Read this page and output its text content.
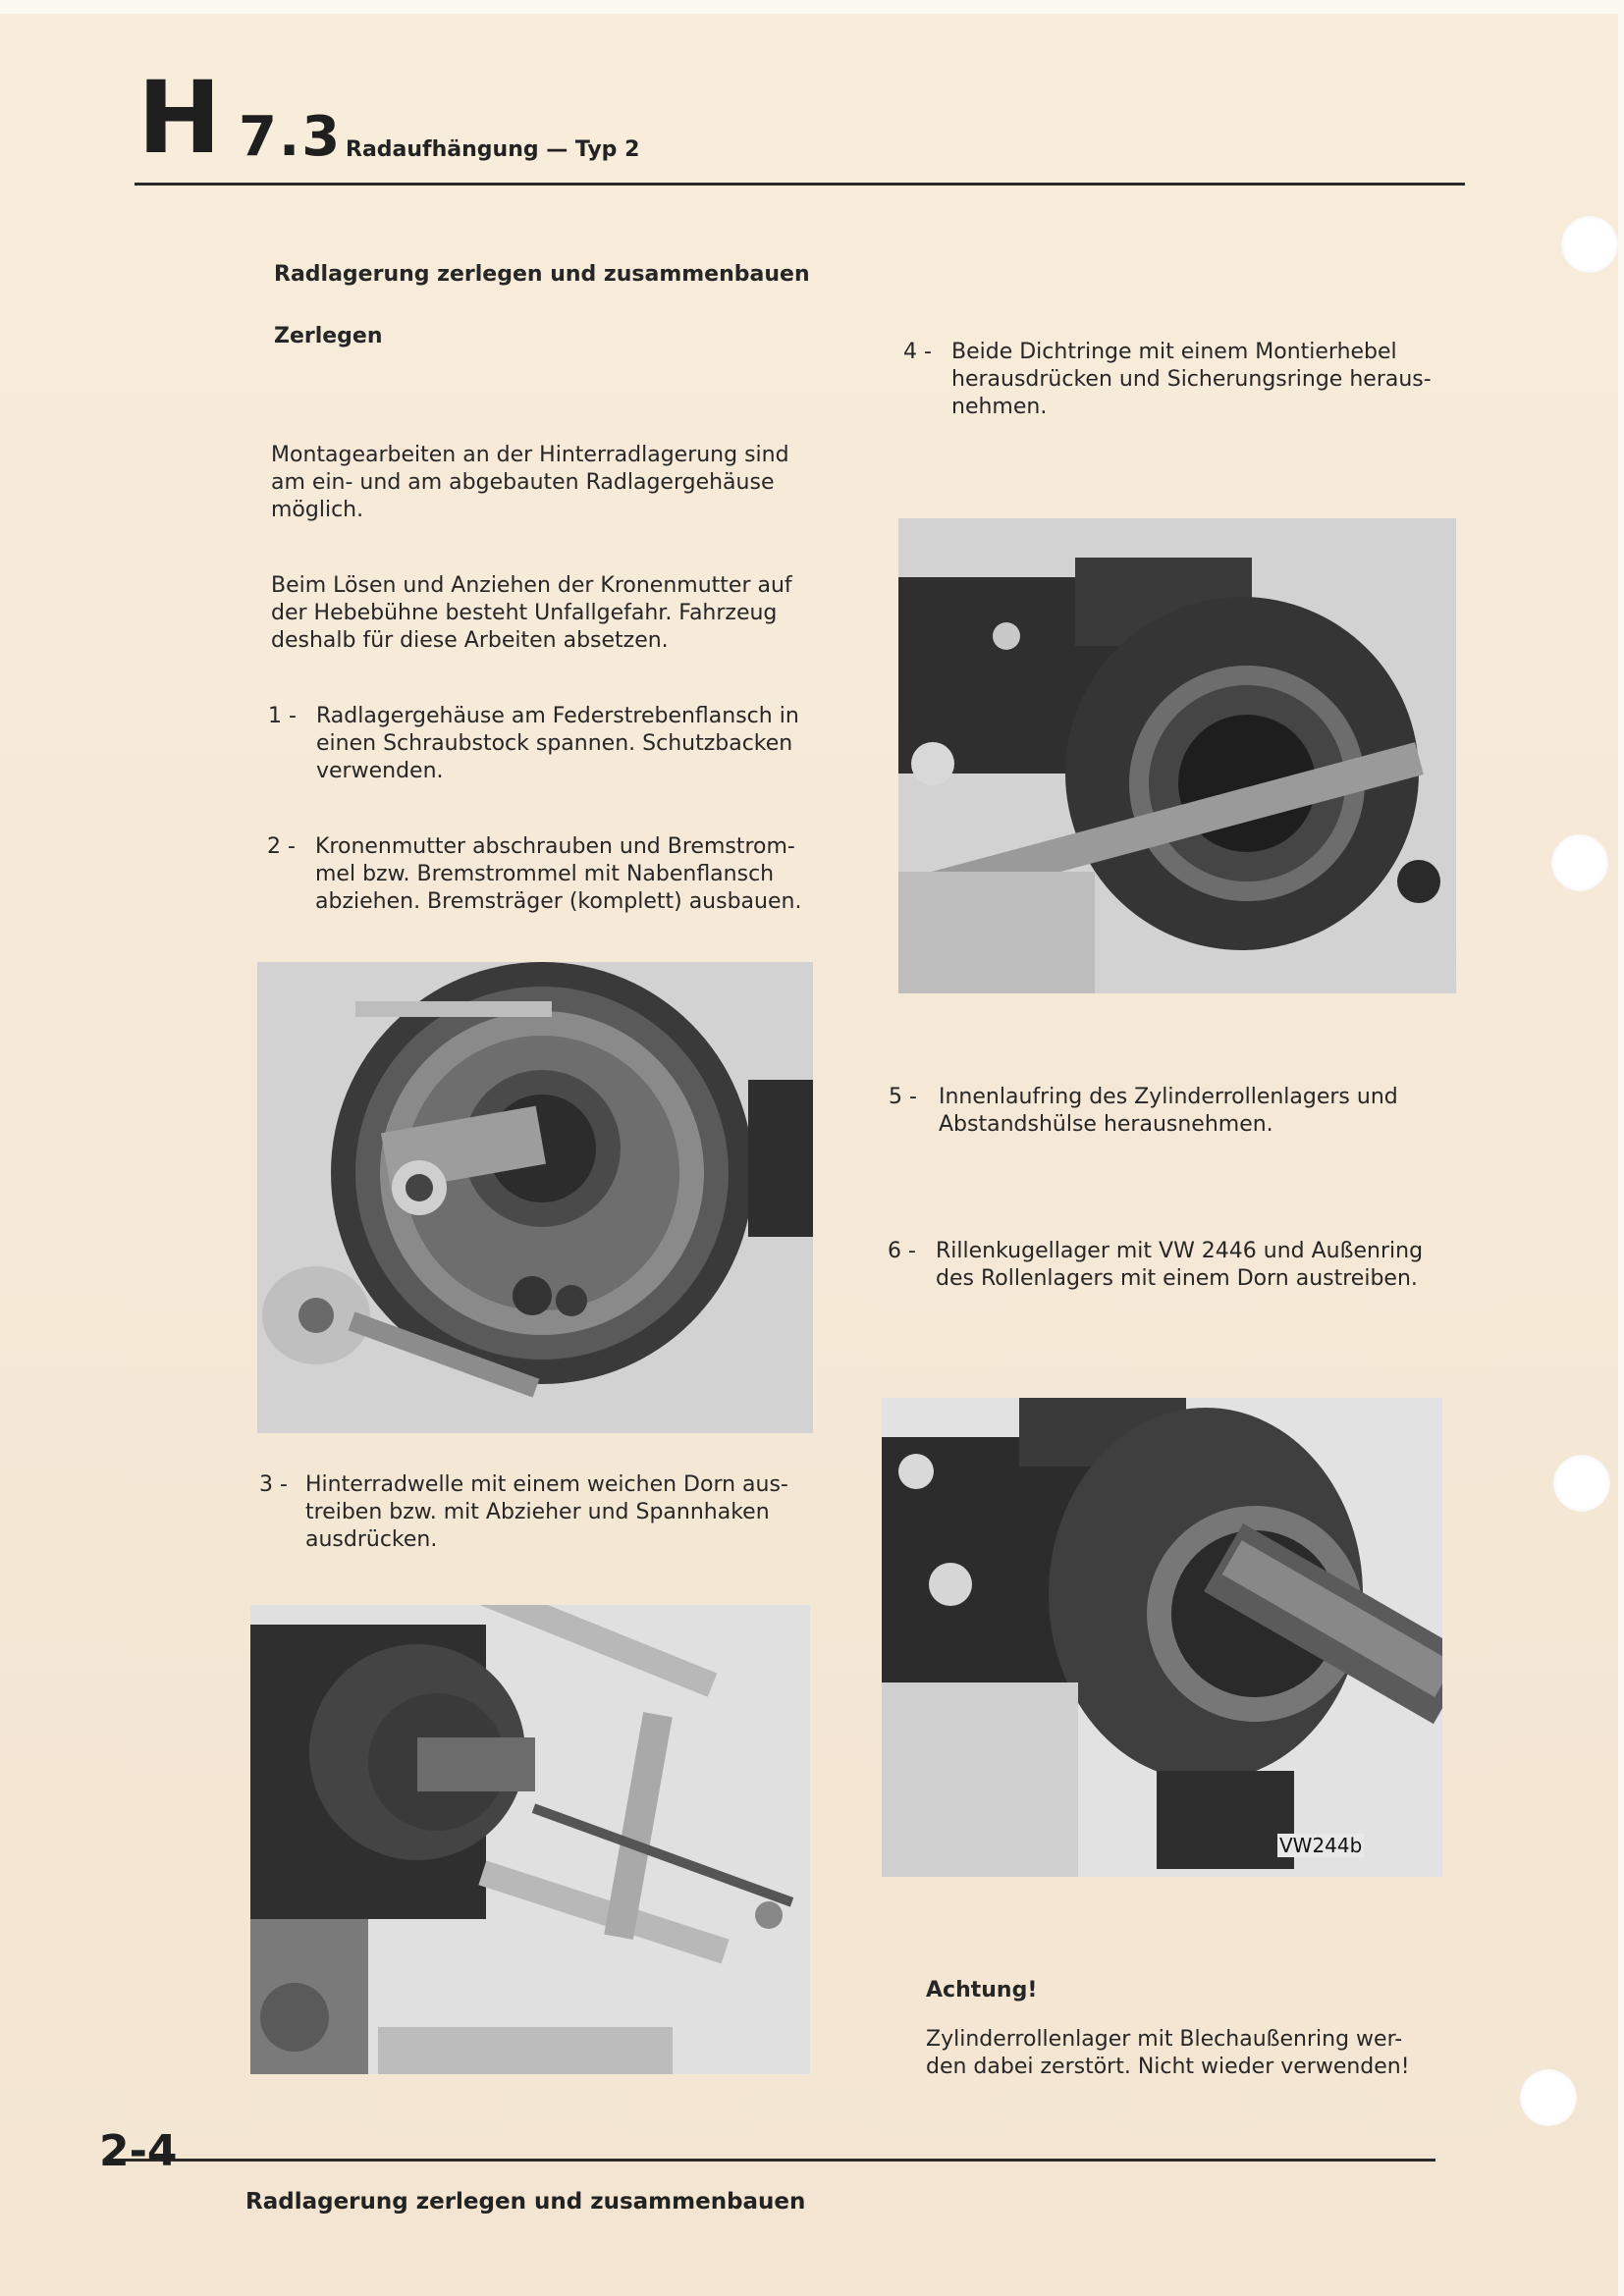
H 7.3 Radaufhängung — Typ 2
Radlagerung zerlegen und zusammenbauen
Zerlegen
Montagearbeiten an der Hinterradlagerung sind
am ein- und am abgebauten Radlagergehäuse
möglich.
Beim Lösen und Anziehen der Kronenmutter auf
der Hebebühne besteht Unfallgefahr. Fahrzeug
deshalb für diese Arbeiten absetzen.
1 - Radlagergehäuse am Federstrebenflansch in
einen Schraubstock spannen. Schutzbacken
verwenden.
2 - Kronenmutter abschrauben und Bremstrom-
mel bzw. Bremstrommel mit Nabenflansch
abziehen. Bremsträger (komplett) ausbauen.
3 - Hinterradwelle mit einem weichen Dorn aus-
treiben bzw. mit Abzieher und Spannhaken
ausdrücken.
4 - Beide Dichtringe mit einem Montierhebel
herausdrücken und Sicherungsringe heraus-
nehmen.
5 - Innenlaufring des Zylinderrollenlagers und
Abstandshülse herausnehmen.
6 - Rillenkugellager mit VW 2446 und Außenring
des Rollenlagers mit einem Dorn austreiben.
VW244b
Achtung!
Zylinderrollenlager mit Blechaußenring wer-
den dabei zerstört. Nicht wieder verwenden!
2-4
Radlagerung zerlegen und zusammenbauen
